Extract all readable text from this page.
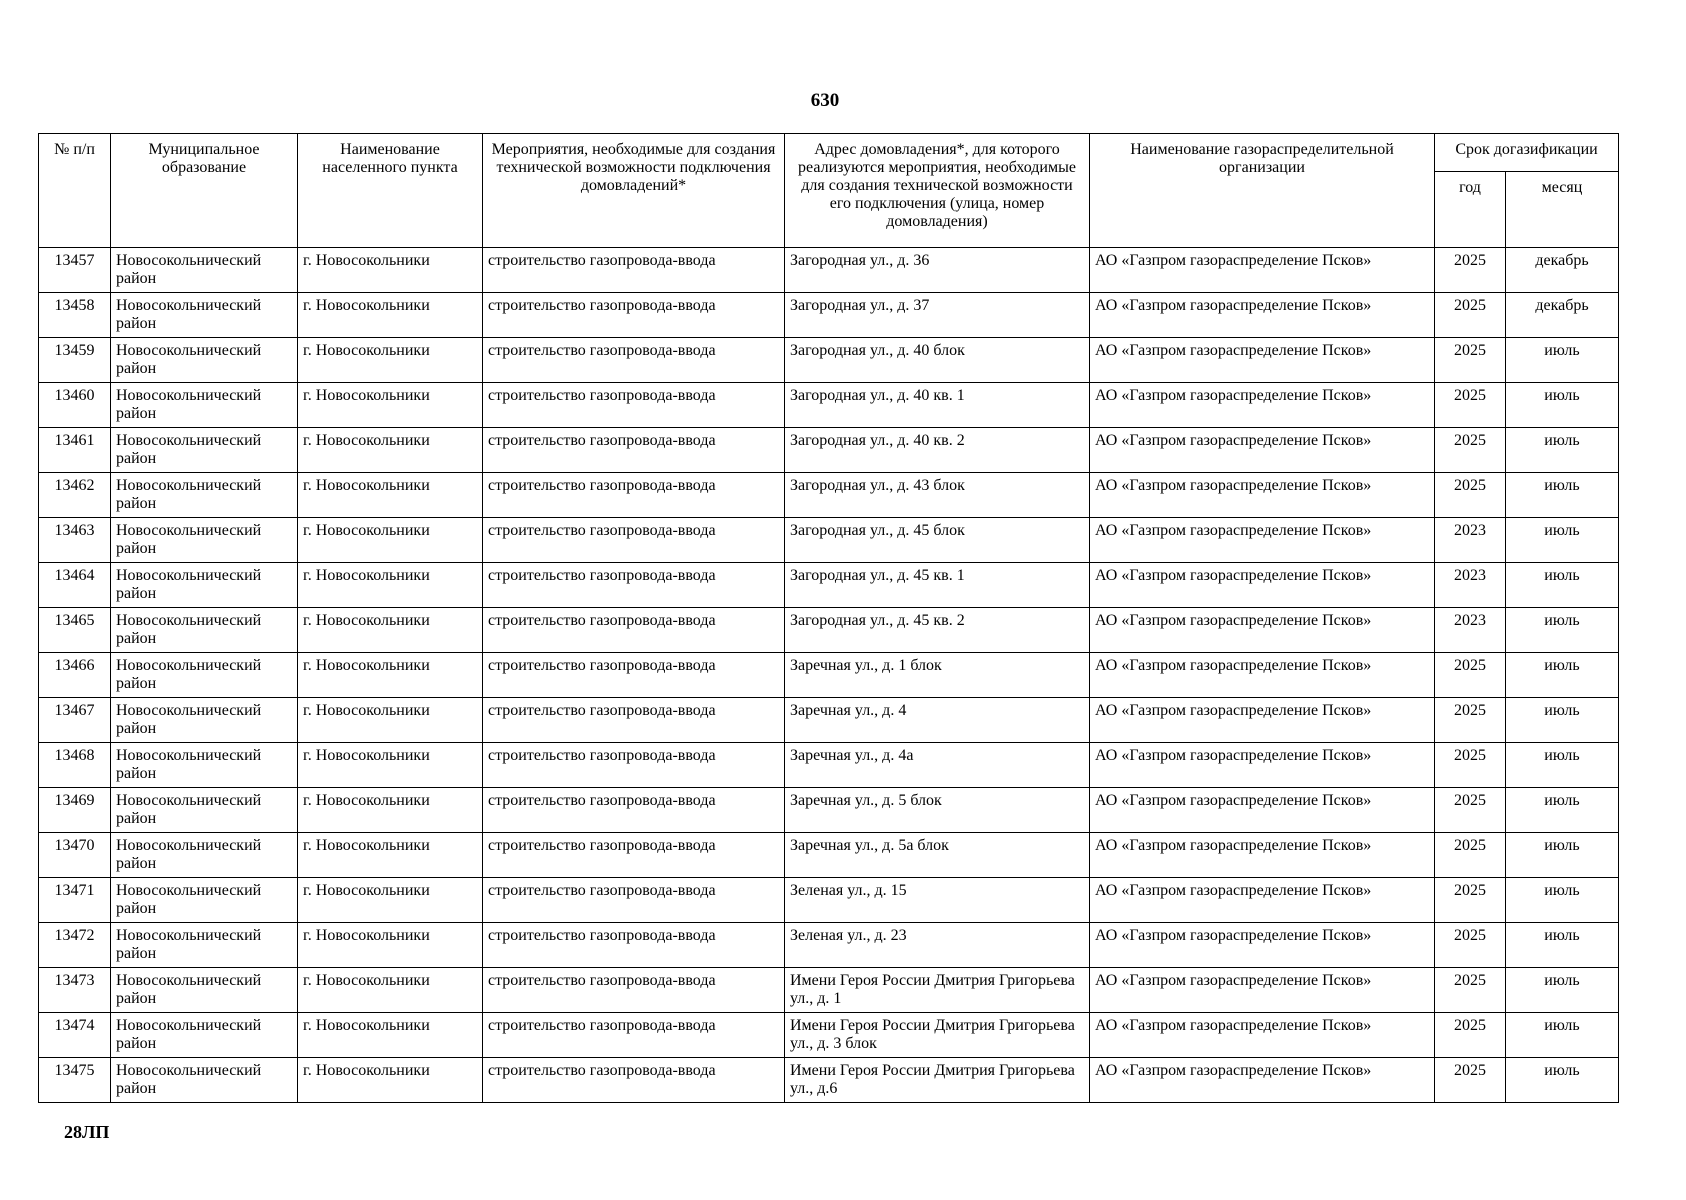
630
№ п/п	Муниципальное образование	Наименование населенного пункта	Мероприятия, необходимые для создания технической возможности подключения домовладений*	Адрес домовладения*, для которого реализуются мероприятия, необходимые для создания технической возможности его подключения (улица, номер домовладения)	Наименование газораспределительной организации	Срок догазификации	
						год	месяц
13457	Новосокольнический район	г. Новосокольники	строительство газопровода-ввода	Загородная ул., д. 36	АО «Газпром газораспределение Псков»	2025	декабрь
13458	Новосокольнический район	г. Новосокольники	строительство газопровода-ввода	Загородная ул., д. 37	АО «Газпром газораспределение Псков»	2025	декабрь
13459	Новосокольнический район	г. Новосокольники	строительство газопровода-ввода	Загородная ул., д. 40 блок	АО «Газпром газораспределение Псков»	2025	июль
13460	Новосокольнический район	г. Новосокольники	строительство газопровода-ввода	Загородная ул., д. 40 кв. 1	АО «Газпром газораспределение Псков»	2025	июль
13461	Новосокольнический район	г. Новосокольники	строительство газопровода-ввода	Загородная ул., д. 40 кв. 2	АО «Газпром газораспределение Псков»	2025	июль
13462	Новосокольнический район	г. Новосокольники	строительство газопровода-ввода	Загородная ул., д. 43 блок	АО «Газпром газораспределение Псков»	2025	июль
13463	Новосокольнический район	г. Новосокольники	строительство газопровода-ввода	Загородная ул., д. 45 блок	АО «Газпром газораспределение Псков»	2023	июль
13464	Новосокольнический район	г. Новосокольники	строительство газопровода-ввода	Загородная ул., д. 45 кв. 1	АО «Газпром газораспределение Псков»	2023	июль
13465	Новосокольнический район	г. Новосокольники	строительство газопровода-ввода	Загородная ул., д. 45 кв. 2	АО «Газпром газораспределение Псков»	2023	июль
13466	Новосокольнический район	г. Новосокольники	строительство газопровода-ввода	Заречная ул., д. 1 блок	АО «Газпром газораспределение Псков»	2025	июль
13467	Новосокольнический район	г. Новосокольники	строительство газопровода-ввода	Заречная ул., д. 4	АО «Газпром газораспределение Псков»	2025	июль
13468	Новосокольнический район	г. Новосокольники	строительство газопровода-ввода	Заречная ул., д. 4а	АО «Газпром газораспределение Псков»	2025	июль
13469	Новосокольнический район	г. Новосокольники	строительство газопровода-ввода	Заречная ул., д. 5 блок	АО «Газпром газораспределение Псков»	2025	июль
13470	Новосокольнический район	г. Новосокольники	строительство газопровода-ввода	Заречная ул., д. 5а блок	АО «Газпром газораспределение Псков»	2025	июль
13471	Новосокольнический район	г. Новосокольники	строительство газопровода-ввода	Зеленая ул., д. 15	АО «Газпром газораспределение Псков»	2025	июль
13472	Новосокольнический район	г. Новосокольники	строительство газопровода-ввода	Зеленая ул., д. 23	АО «Газпром газораспределение Псков»	2025	июль
13473	Новосокольнический район	г. Новосокольники	строительство газопровода-ввода	Имени Героя России Дмитрия Григорьева ул., д. 1	АО «Газпром газораспределение Псков»	2025	июль
13474	Новосокольнический район	г. Новосокольники	строительство газопровода-ввода	Имени Героя России Дмитрия Григорьева ул., д. 3 блок	АО «Газпром газораспределение Псков»	2025	июль
13475	Новосокольнический район	г. Новосокольники	строительство газопровода-ввода	Имени Героя России Дмитрия Григорьева ул., д.6	АО «Газпром газораспределение Псков»	2025	июль
28ЛП
